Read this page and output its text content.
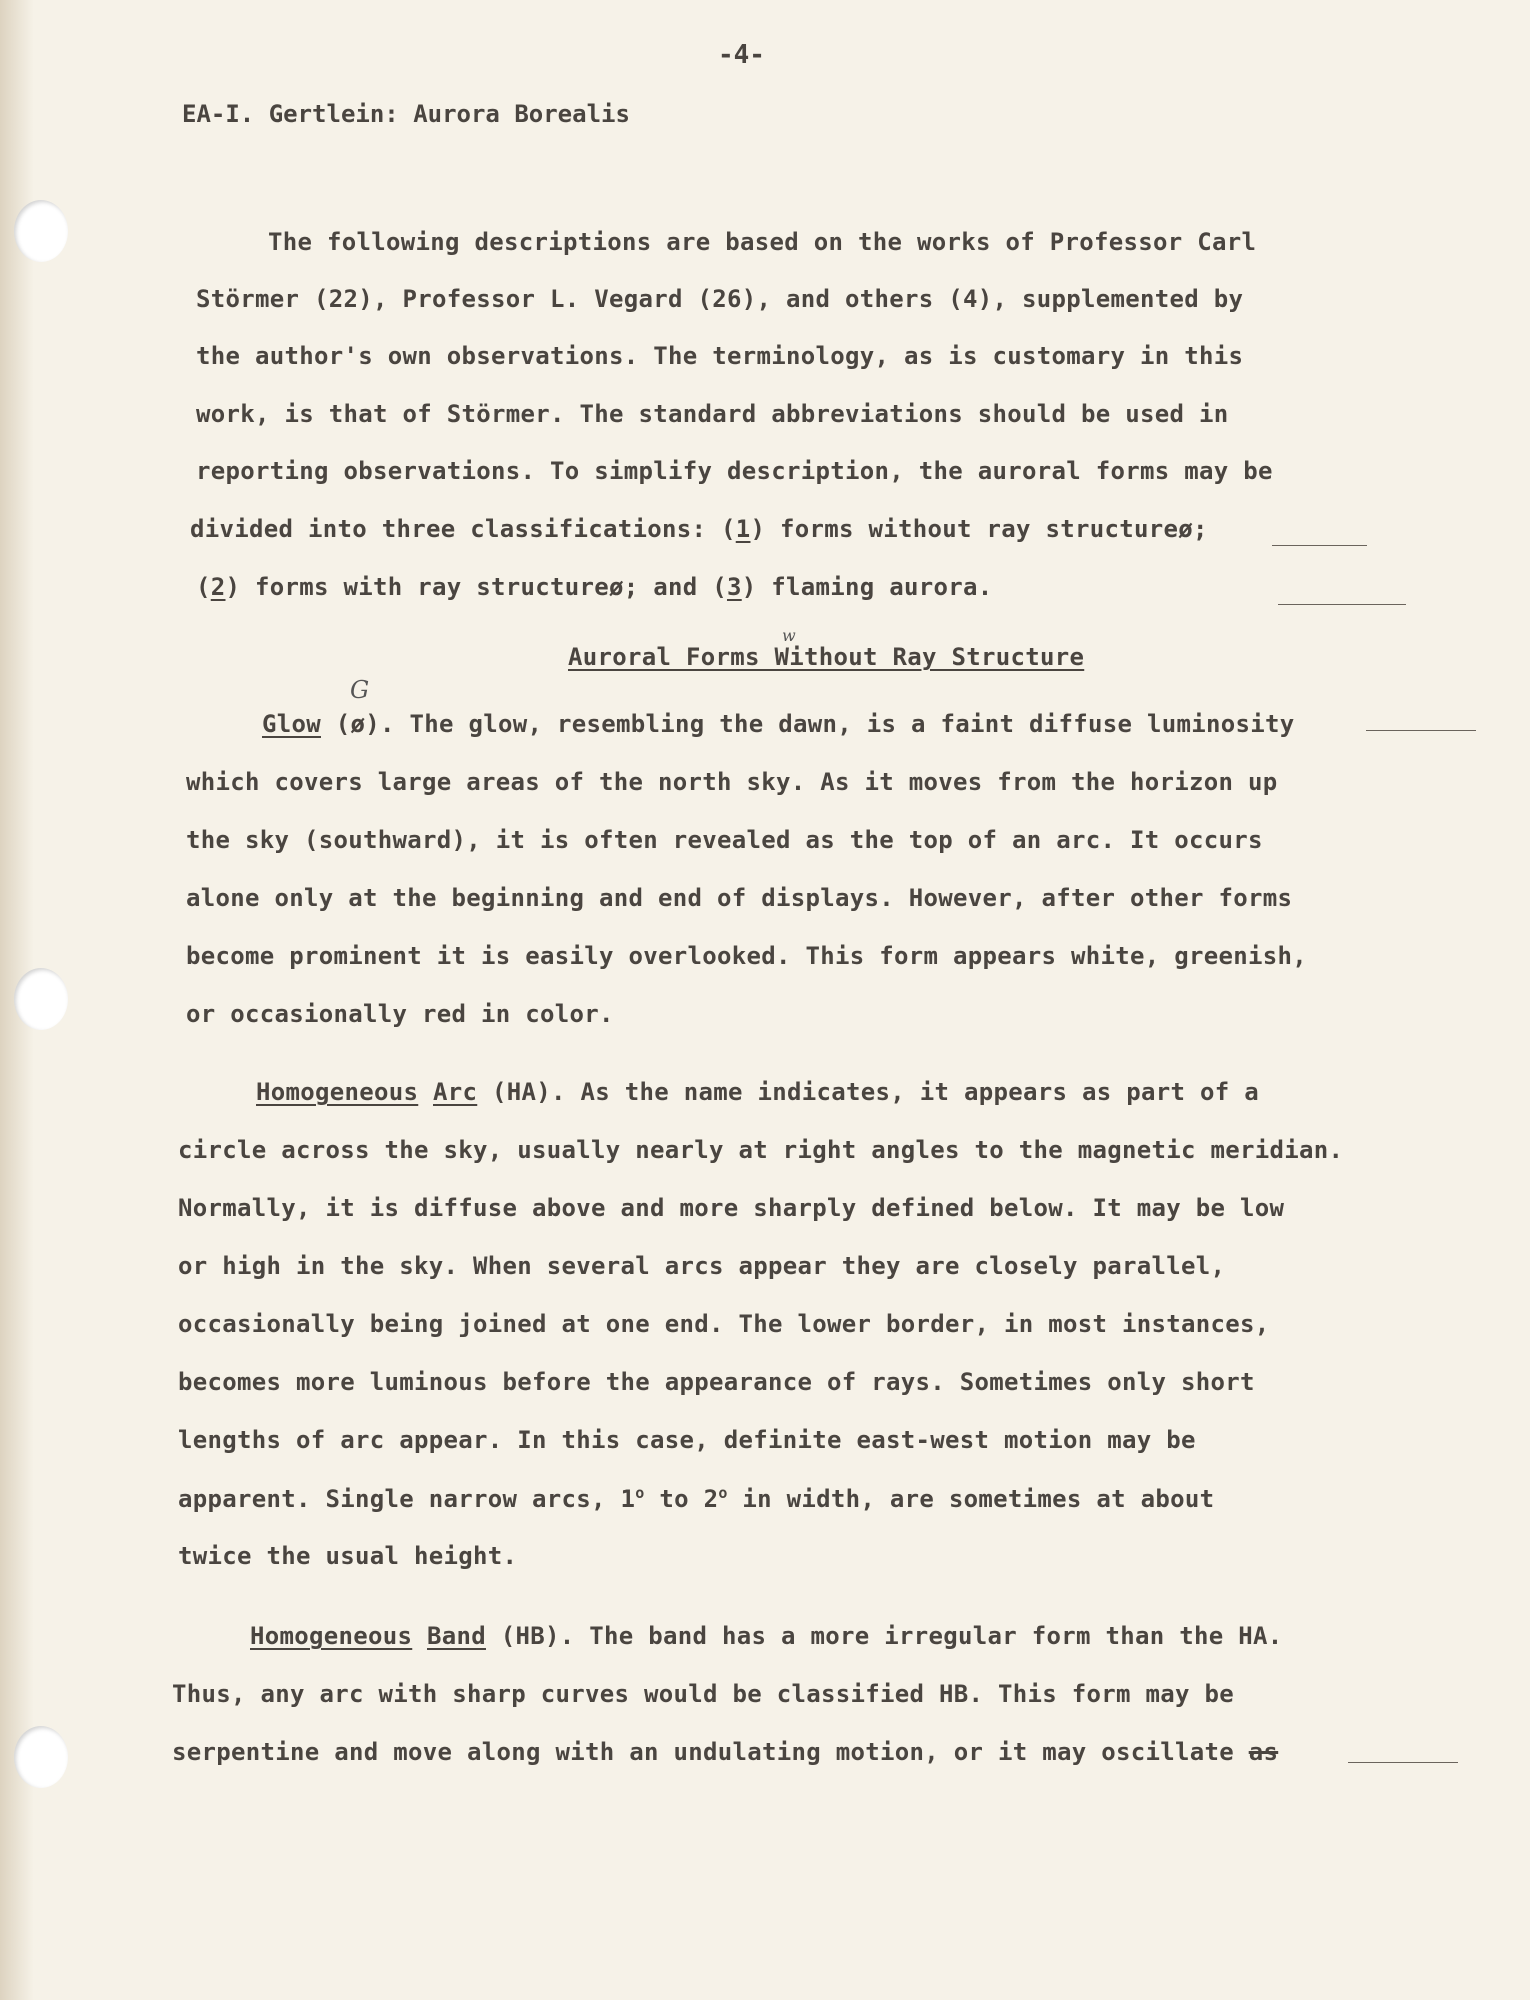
-4-
EA-I. Gertlein: Aurora Borealis
The following descriptions are based on the works of Professor Carl
Störmer (22), Professor L. Vegard (26), and others (4), supplemented by
the author's own observations. The terminology, as is customary in this
work, is that of Störmer. The standard abbreviations should be used in
reporting observations. To simplify description, the auroral forms may be
divided into three classifications: (1) forms without ray structureø;
(2) forms with ray structureø; and (3) flaming aurora.
Auroral Forms Without Ray Structure
w
G
Glow (ø). The glow, resembling the dawn, is a faint diffuse luminosity
which covers large areas of the north sky. As it moves from the horizon up
the sky (southward), it is often revealed as the top of an arc. It occurs
alone only at the beginning and end of displays. However, after other forms
become prominent it is easily overlooked. This form appears white, greenish,
or occasionally red in color.
Homogeneous Arc (HA). As the name indicates, it appears as part of a
circle across the sky, usually nearly at right angles to the magnetic meridian.
Normally, it is diffuse above and more sharply defined below. It may be low
or high in the sky. When several arcs appear they are closely parallel,
occasionally being joined at one end. The lower border, in most instances,
becomes more luminous before the appearance of rays. Sometimes only short
lengths of arc appear. In this case, definite east-west motion may be
apparent. Single narrow arcs, 1$^o$ to 2$^o$ in width, are sometimes at about
twice the usual height.
Homogeneous Band (HB). The band has a more irregular form than the HA.
Thus, any arc with sharp curves would be classified HB. This form may be
serpentine and move along with an undulating motion, or it may oscillate as
